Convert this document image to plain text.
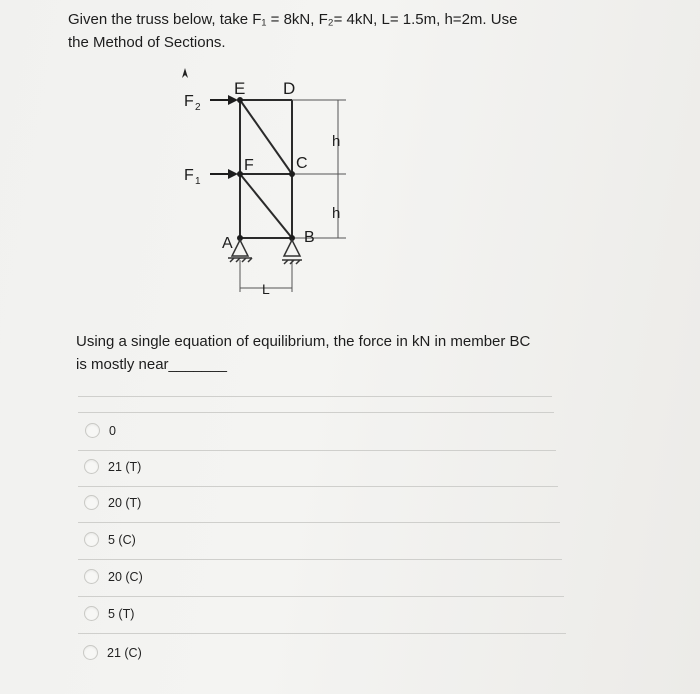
Given the truss below, take F₁ = 8kN, F₂= 4kN, L= 1.5m, h=2m. Use
the Method of Sections.
E D
F	C
A	B
h
h
L
F 2
F 1
Using a single equation of equilibrium, the force in kN in member BC
is mostly near_______
0
21 (T)
20 (T)
5 (C)
20 (C)
5 (T)
21 (C)
